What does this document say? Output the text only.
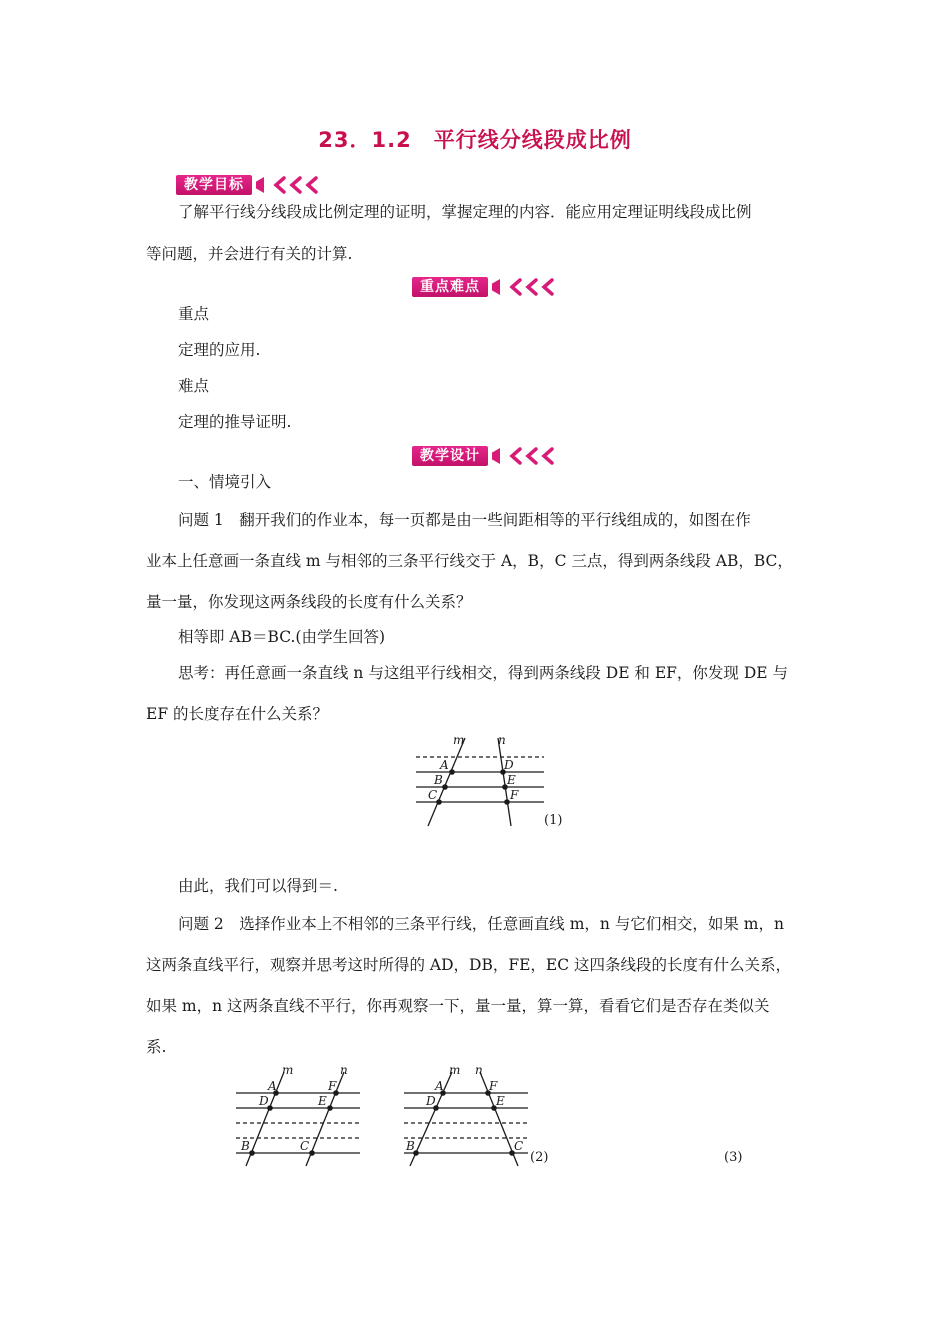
23．1.2　平行线分线段成比例
教学目标
了解平行线分线段成比例定理的证明，掌握定理的内容．能应用定理证明线段成比例
等问题，并会进行有关的计算.
重点难点
重点
定理的应用.
难点
定理的推导证明.
教学设计
一、情境引入
问题 1　翻开我们的作业本，每一页都是由一些间距相等的平行线组成的，如图在作
业本上任意画一条直线 m 与相邻的三条平行线交于 A，B，C 三点，得到两条线段 AB，BC，
量一量，你发现这两条线段的长度有什么关系？
相等即 AB＝BC.(由学生回答)
思考：再任意画一条直线 n 与这组平行线相交，得到两条线段 DE 和 EF，你发现 DE 与
EF 的长度存在什么关系？
m	n
A
B
C
D
E
F
(1)
由此，我们可以得到＝.
问题 2　选择作业本上不相邻的三条平行线，任意画直线 m，n 与它们相交，如果 m，n
这两条直线平行，观察并思考这时所得的 AD，DB，FE，EC 这四条线段的长度有什么关系，
如果 m，n 这两条直线不平行，你再观察一下，量一量，算一算，看看它们是否存在类似关
系.
m	n
A
D
B
F
E
C
m n
A
D
B
F
E
C
(2)	(3)
